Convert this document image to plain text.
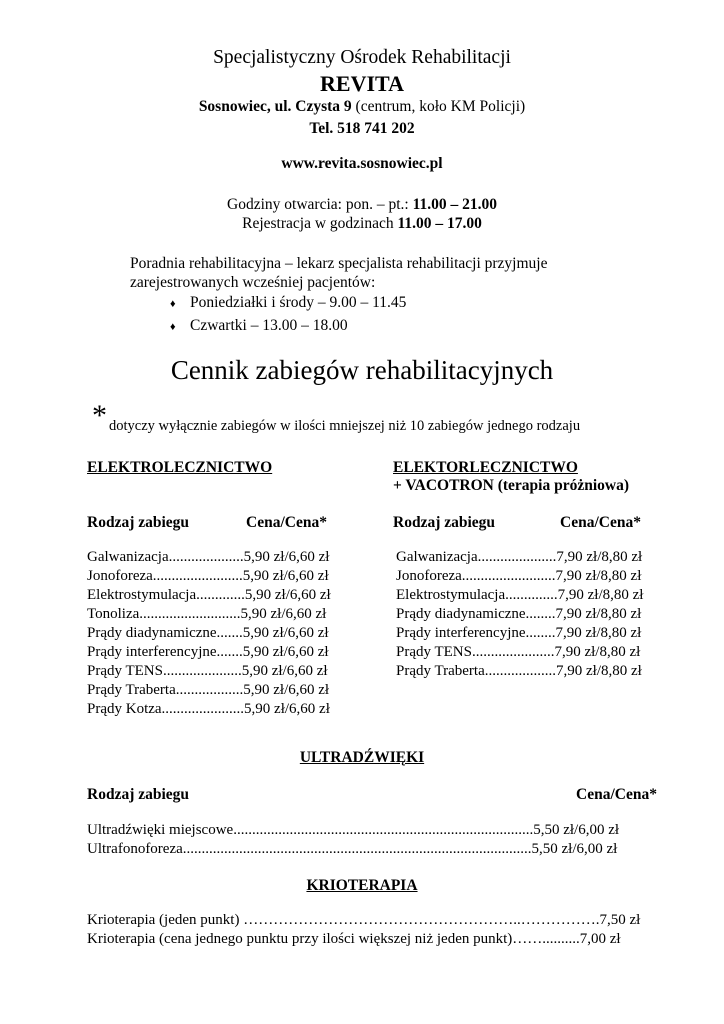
Specjalistyczny Ośrodek Rehabilitacji
REVITA
Sosnowiec, ul. Czysta 9 (centrum, koło KM Policji)
Tel. 518 741 202
www.revita.sosnowiec.pl
Godziny otwarcia: pon. – pt.: 11.00 – 21.00
Rejestracja w godzinach 11.00 – 17.00
Poradnia rehabilitacyjna – lekarz specjalista rehabilitacji przyjmuje
zarejestrowanych wcześniej pacjentów:
♦ Poniedziałki i środy – 9.00 – 11.45
♦ Czwartki – 13.00 – 18.00
Cennik zabiegów rehabilitacyjnych
* dotyczy wyłącznie zabiegów w ilości mniejszej niż 10 zabiegów jednego rodzaju
ELEKTROLECZNICTWO
Rodzaj zabiegu	Cena/Cena*
Galwanizacja....................5,90 zł/6,60 zł
Jonoforeza........................5,90 zł/6,60 zł
Elektrostymulacja.............5,90 zł/6,60 zł
Tonoliza...........................5,90 zł/6,60 zł
Prądy diadynamiczne.......5,90 zł/6,60 zł
Prądy interferencyjne.......5,90 zł/6,60 zł
Prądy TENS.....................5,90 zł/6,60 zł
Prądy Traberta..................5,90 zł/6,60 zł
Prądy Kotza......................5,90 zł/6,60 zł
ELEKTORLECZNICTWO
+ VACOTRON (terapia próżniowa)
Rodzaj zabiegu	Cena/Cena*
Galwanizacja.....................7,90 zł/8,80 zł
Jonoforeza.........................7,90 zł/8,80 zł
Elektrostymulacja..............7,90 zł/8,80 zł
Prądy diadynamiczne........7,90 zł/8,80 zł
Prądy interferencyjne........7,90 zł/8,80 zł
Prądy TENS......................7,90 zł/8,80 zł
Prądy Traberta...................7,90 zł/8,80 zł
ULTRADŹWIĘKI
Rodzaj zabiegu	Cena/Cena*
Ultradźwięki miejscowe................................................................................5,50 zł/6,00 zł
Ultrafonoforeza.............................................................................................5,50 zł/6,00 zł
KRIOTERAPIA
Krioterapia (jeden punkt) ………………………………………………..…………….7,50 zł
Krioterapia (cena jednego punktu przy ilości większej niż jeden punkt)……..........7,00 zł
